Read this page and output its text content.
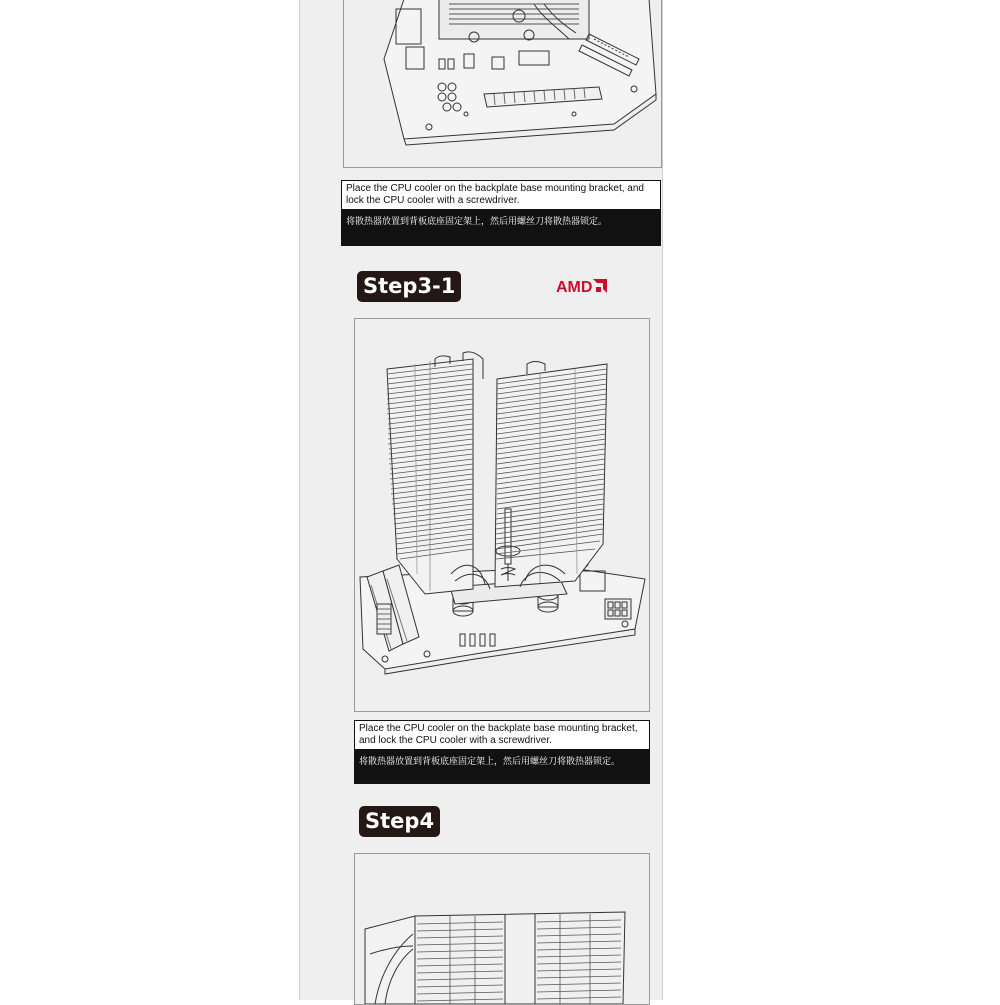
Place the CPU cooler on the backplate base mounting bracket, and lock the CPU cooler with a screwdriver.
将散热器放置到背板底座固定架上，然后用螺丝刀将散热器锁定。
Step3-1	AMD
Place the CPU cooler on the backplate base mounting bracket, and lock the CPU cooler with a screwdriver.
将散热器放置到背板底座固定架上，然后用螺丝刀将散热器锁定。
Step4
